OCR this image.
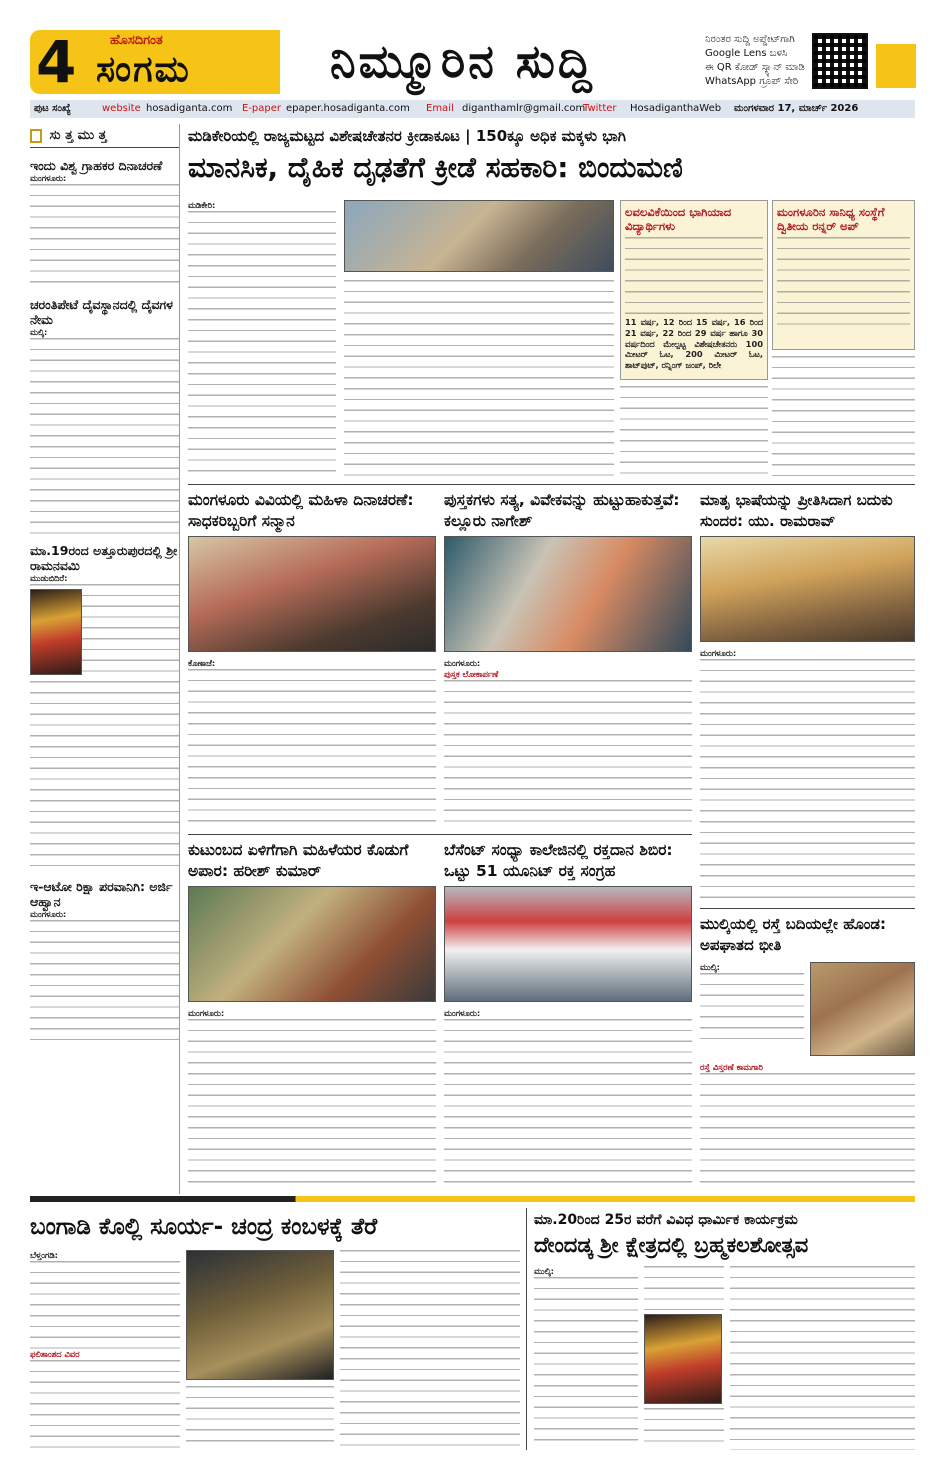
4	ಹೊಸದಿಗಂತ
ಸಂಗಮ	ನಿಮ್ಮೂರಿನ ಸುದ್ದಿ	ನಿರಂತರ ಸುದ್ದಿ ಅಪ್ಡೇಟ್‌ಗಾಗಿ
Google Lens ಬಳಸಿ
ಈ QR ಕೋಡ್ ಸ್ಕ್ಯಾನ್ ಮಾಡಿ
WhatsApp ಗ್ರೂಪ್ ಸೇರಿ
ಪುಟ ಸಂಖ್ಯೆ	website hosadiganta.com E-paper epaper.hosadiganta.com Email diganthamlr@gmail.com
Twitter HosadiganthaWeb ಮಂಗಳವಾರ 17, ಮಾರ್ಚ್ 2026
ಸು ತ್ತ ಮು ತ್ತ
ಇಂದು ವಿಶ್ವ ಗ್ರಾಹಕರ ದಿನಾಚರಣೆ
ಮಂಗಳೂರು:
ಚರಂತಿಪೇಟೆ ದೈವಸ್ಥಾನದಲ್ಲಿ ದೈವಗಳ ನೇಮ
ಮಲ್ಕಿ:
ಮಾ.19ರಂದ ಅತ್ತೂರುಪುರದಲ್ಲಿ ಶ್ರೀ ರಾಮನವಮಿ
ಮುಡುಬಿದಿರೆ:
ಇ-ಆಟೋ ರಿಕ್ಷಾ ಪರವಾನಿಗಿ: ಅರ್ಜಿ ಆಹ್ವಾನ
ಮಂಗಳೂರು:
ಮಡಿಕೇರಿಯಲ್ಲಿ ರಾಜ್ಯಮಟ್ಟದ ವಿಶೇಷಚೇತನರ ಕ್ರೀಡಾಕೂಟ | 150ಕ್ಕೂ ಅಧಿಕ ಮಕ್ಕಳು ಭಾಗಿ
ಮಾನಸಿಕ, ದೈಹಿಕ ದೃಢತೆಗೆ ಕ್ರೀಡೆ ಸಹಕಾರಿ: ಬಿಂದುಮಣಿ
ಮಡಿಕೇರಿ:	ಲವಲವಿಕೆಯಿಂದ ಭಾಗಿಯಾದ ವಿದ್ಯಾರ್ಥಿಗಳು
11 ವರ್ಷ, 12 ರಿಂದ 15 ವರ್ಷ, 16 ರಿಂದ 21 ವರ್ಷ, 22 ರಿಂದ 29 ವರ್ಷ ಹಾಗೂ 30 ವರ್ಷದಿಂದ ಮೇಲ್ಪಟ್ಟ ವಿಶೇಷಚೇತನರು 100 ಮೀಟರ್ ಓಟ, 200 ಮೀಟರ್ ಓಟ, ಶಾಟ್‌ಪುಟ್, ರನ್ನಿಂಗ್ ಜಂಪ್, ರಿಲೇ
ಮಂಗಳೂರಿನ ಸಾನಿಧ್ಯ ಸಂಸ್ಥೆಗೆ ದ್ವಿತೀಯ ರನ್ನರ್ ಅಪ್
ಮಂಗಳೂರು ವಿವಿಯಲ್ಲಿ ಮಹಿಳಾ ದಿನಾಚರಣೆ: ಸಾಧಕರಿಬ್ಬರಿಗೆ ಸನ್ಮಾನ
ಕೊಣಾಜೆ:
ಪುಸ್ತಕಗಳು ಸತ್ಯ, ವಿವೇಕವನ್ನು ಹುಟ್ಟುಹಾಕುತ್ತವೆ: ಕಲ್ಲೂರು ನಾಗೇಶ್
ಮಂಗಳೂರು:
ಪುಸ್ತಕ ಲೋಕಾರ್ಪಣೆ
ಮಾತೃ ಭಾಷೆಯನ್ನು ಪ್ರೀತಿಸಿದಾಗ ಬದುಕು ಸುಂದರ: ಯು. ರಾಮರಾವ್
ಮಂಗಳೂರು:
ಕುಟುಂಬದ ಏಳಿಗೆಗಾಗಿ ಮಹಿಳೆಯರ ಕೊಡುಗೆ ಅಪಾರ: ಹರೀಶ್ ಕುಮಾರ್
ಮಂಗಳೂರು:
ಬೆಸೆಂಟ್ ಸಂಧ್ಯಾ ಕಾಲೇಜಿನಲ್ಲಿ ರಕ್ತದಾನ ಶಿಬಿರ: ಒಟ್ಟು 51 ಯೂನಿಟ್ ರಕ್ತ ಸಂಗ್ರಹ
ಮಂಗಳೂರು:
ಮುಲ್ಕಿಯಲ್ಲಿ ರಸ್ತೆ ಬದಿಯಲ್ಲೇ ಹೊಂಡ: ಅಪಘಾತದ ಭೀತಿ
ಮುಲ್ಕಿ:
ರಸ್ತೆ ವಿಸ್ತರಣೆ ಕಾಮಗಾರಿ
ಬಂಗಾಡಿ ಕೊಲ್ಲಿ ಸೂರ್ಯ- ಚಂದ್ರ ಕಂಬಳಕ್ಕೆ ತೆರೆ
ಬೆಳ್ತಂಗಡಿ:
ಫಲಿತಾಂಶದ ವಿವರ
ಮಾ.20ರಿಂದ 25ರ ವರೆಗೆ ವಿವಿಧ ಧಾರ್ಮಿಕ ಕಾರ್ಯಕ್ರಮ
ದೇಂದಡ್ಕ ಶ್ರೀ ಕ್ಷೇತ್ರದಲ್ಲಿ ಬ್ರಹ್ಮಕಲಶೋತ್ಸವ
ಮುಲ್ಕಿ:
